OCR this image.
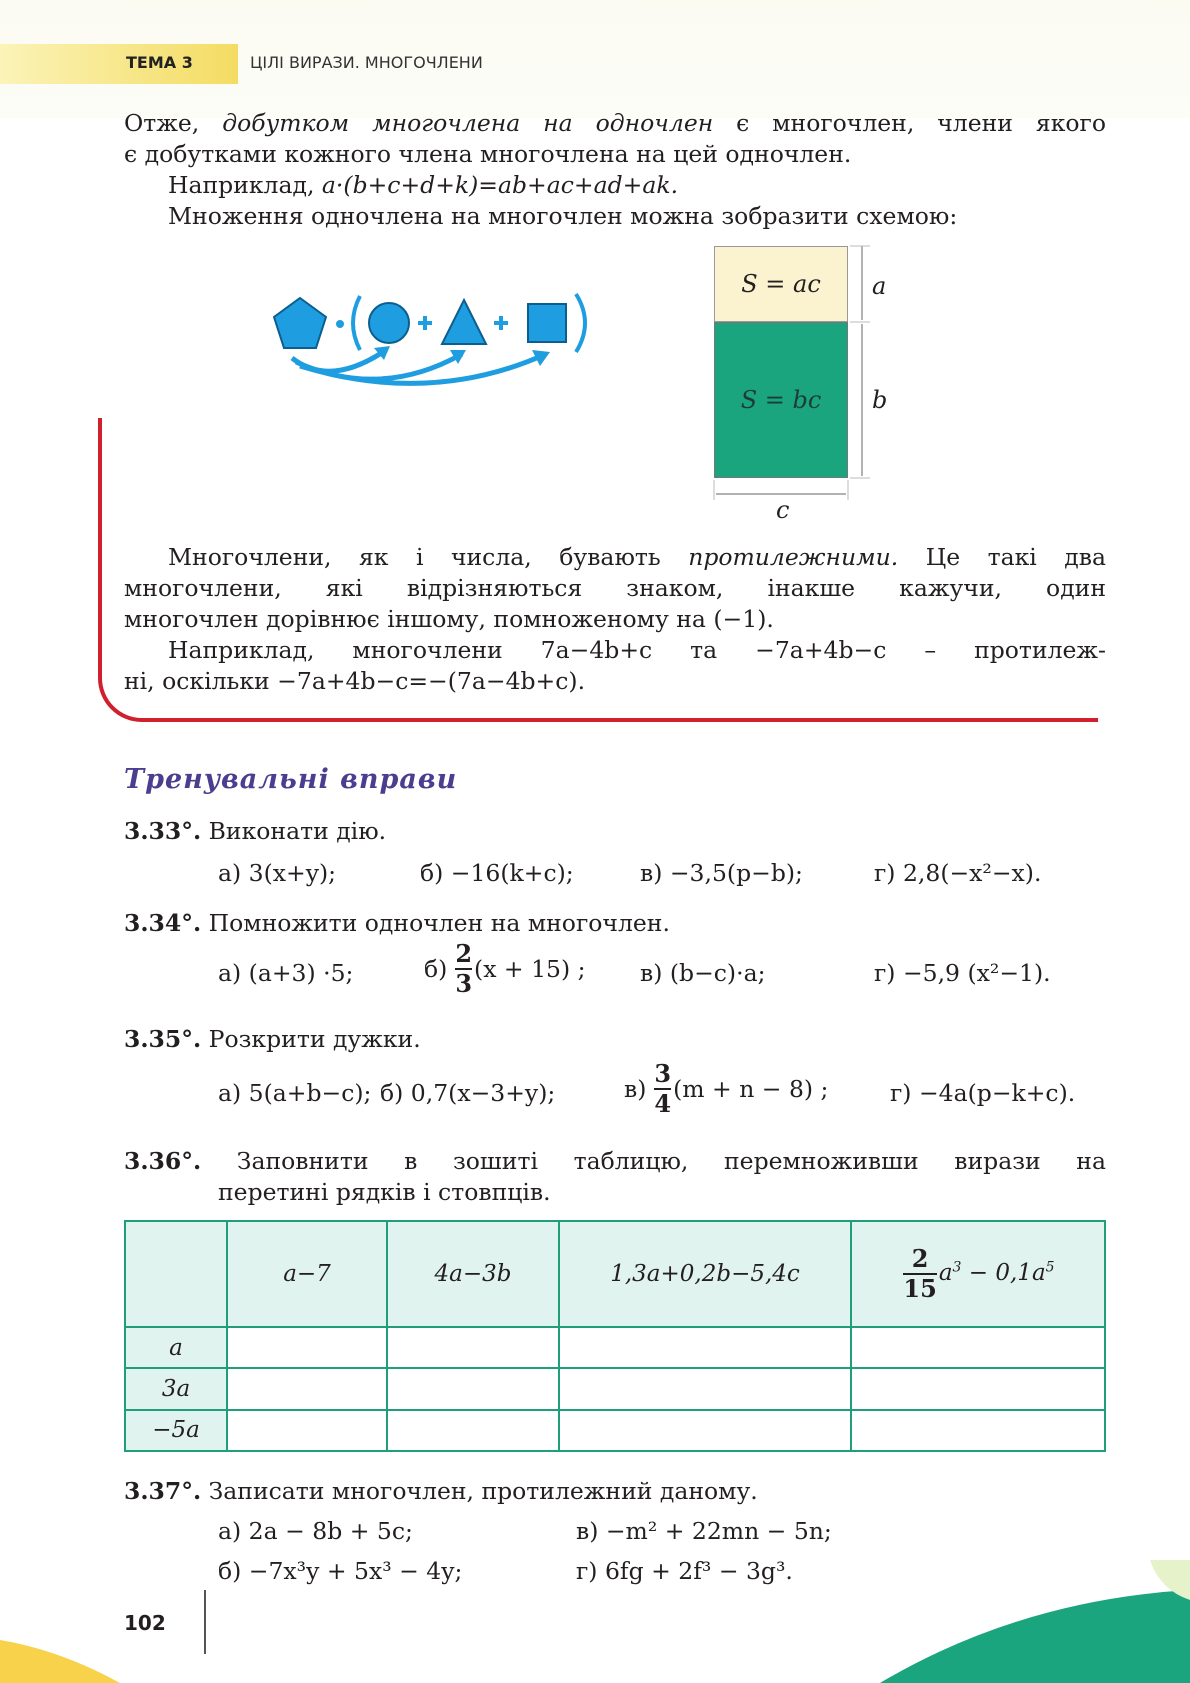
ТЕМА 3	ЦІЛІ ВИРАЗИ. МНОГОЧЛЕНИ

Отже, добутком многочлена на одночлен є многочлен, члени якого

є добутками кожного члена многочлена на цей одночлен.

Наприклад, a·(b+c+d+k)=ab+ac+ad+ak.

Множення одночлена на многочлен можна зобразити схемою:

S = ac
S = bc
a
b
c

Многочлени, як і числа, бувають протилежними. Це такі два

многочлени, які відрізняються знаком, інакше кажучи, один

многочлен дорівнює іншому, помноженому на (−1).

Наприклад, многочлени 7a−4b+c та −7a+4b−c – протилеж-

ні, оскільки −7a+4b−c=−(7a−4b+c).

Тренувальні вправи
3.33°. Виконати дію.
а) 3(x+y);	б) −16(k+c);	в) −3,5(p−b);	г) 2,8(−x²−x).
3.34°. Помножити одночлен на многочлен.
а) (a+3) ·5;	$б) \frac{2}{3} (x + 15)$ ; в) (b−c)·a;	г) −5,9 (x²−1).
3.35°. Розкрити дужки.
а) 5(a+b−c); б) 0,7(x−3+y);	$в) \frac{3}{4} (m + n - 8)$ ;	г) −4a(p−k+c).
3.36°. Заповнити в зошиті таблицю, перемноживши вирази на
перетині рядків і стовпців.
	a−7	4a−3b	1,3a+0,2b−5,4c	$\frac{2}{15} a^3 - 0,1a^5$
a				
3a				
−5a				
3.37°. Записати многочлен, протилежний даному.
а) 2a − 8b + 5c;	в) −m² + 22mn − 5n;
б) −7x³y + 5x³ − 4y;	г) 6fg + 2f³ − 3g³.
102
